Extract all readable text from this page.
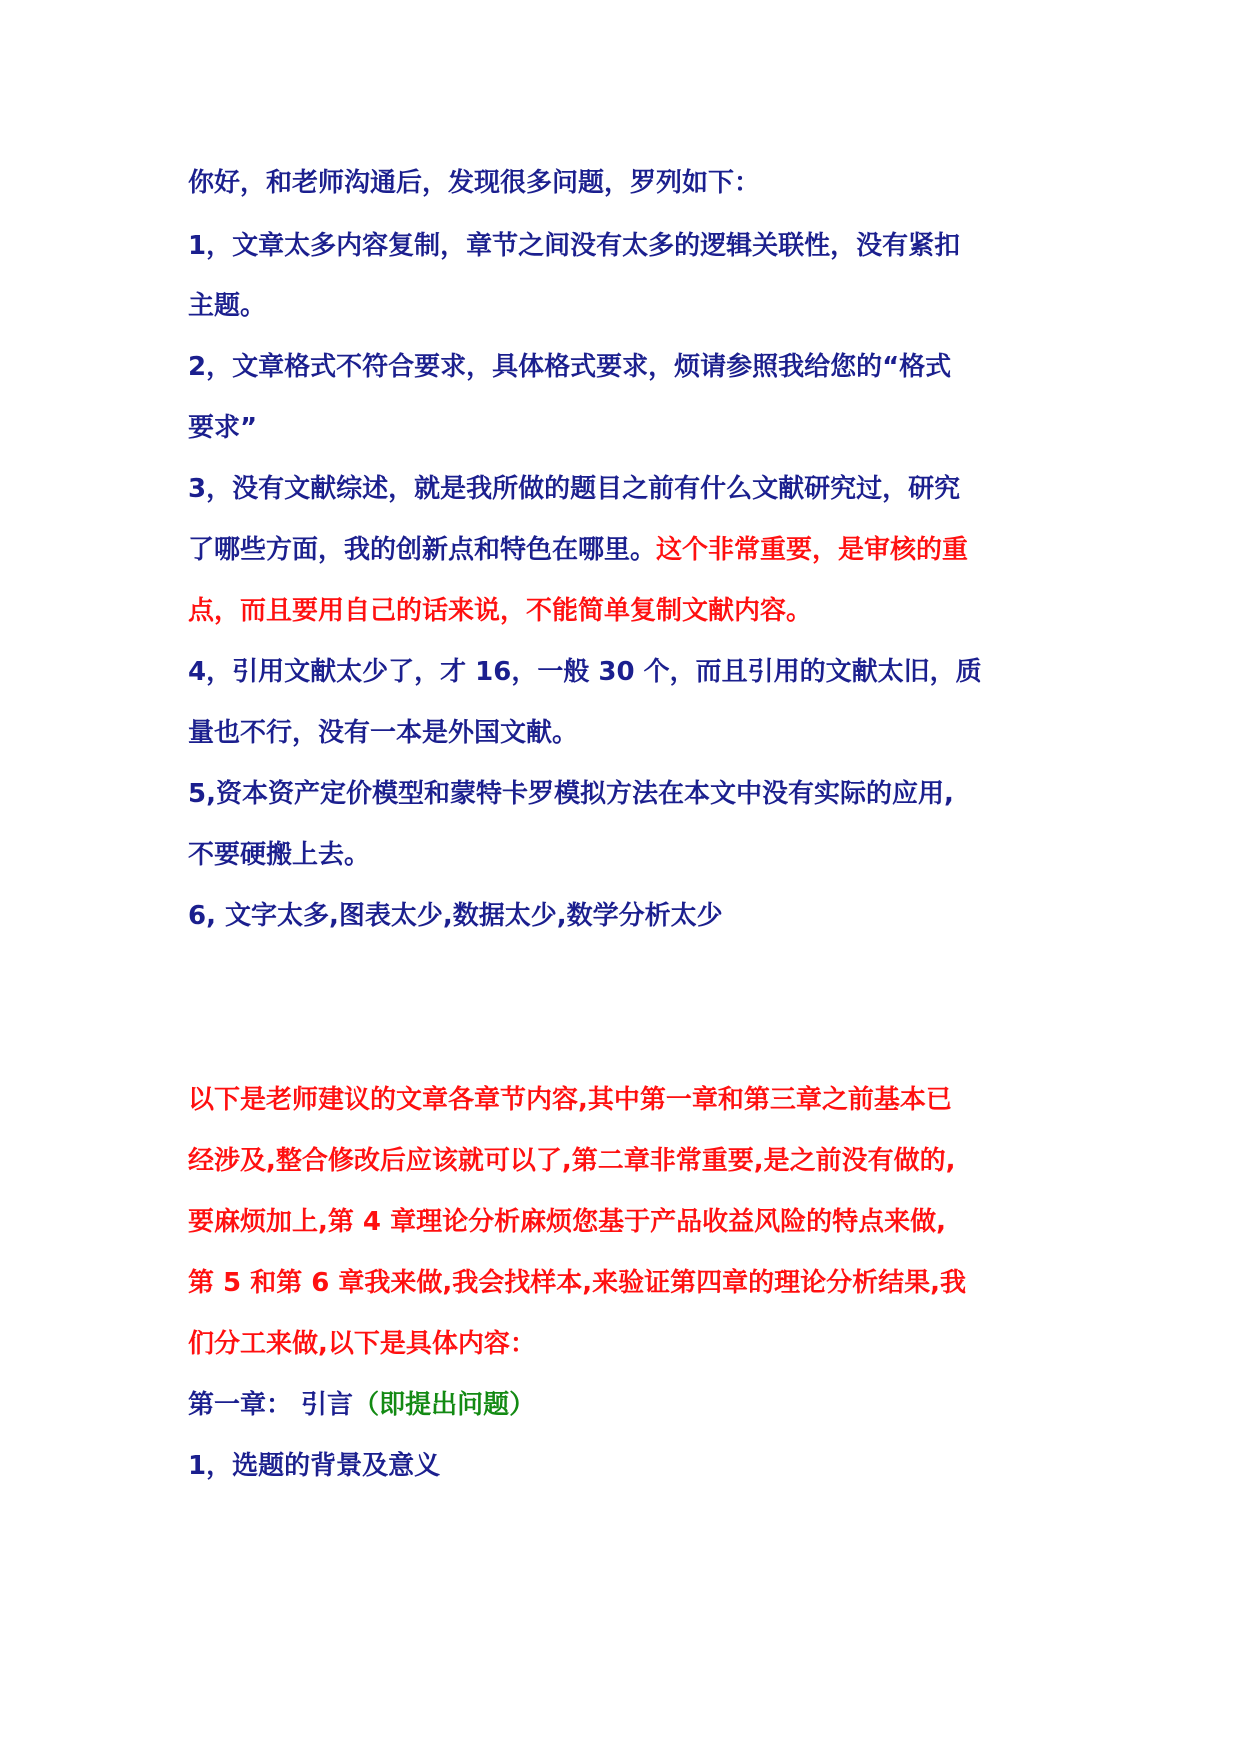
你好，和老师沟通后，发现很多问题，罗列如下：
1，文章太多内容复制，章节之间没有太多的逻辑关联性，没有紧扣
主题。
2，文章格式不符合要求，具体格式要求，烦请参照我给您的“格式
要求”
3，没有文献综述，就是我所做的题目之前有什么文献研究过，研究
了哪些方面，我的创新点和特色在哪里。这个非常重要，是审核的重
点，而且要用自己的话来说，不能简单复制文献内容。
4，引用文献太少了，才 16，一般 30 个，而且引用的文献太旧，质
量也不行，没有一本是外国文献。
5,资本资产定价模型和蒙特卡罗模拟方法在本文中没有实际的应用,
不要硬搬上去。
6, 文字太多,图表太少,数据太少,数学分析太少
以下是老师建议的文章各章节内容,其中第一章和第三章之前基本已
经涉及,整合修改后应该就可以了,第二章非常重要,是之前没有做的,
要麻烦加上,第 4 章理论分析麻烦您基于产品收益风险的特点来做,
第 5 和第 6 章我来做,我会找样本,来验证第四章的理论分析结果,我
们分工来做,以下是具体内容：
第一章： 引言（即提出问题）
1，选题的背景及意义
